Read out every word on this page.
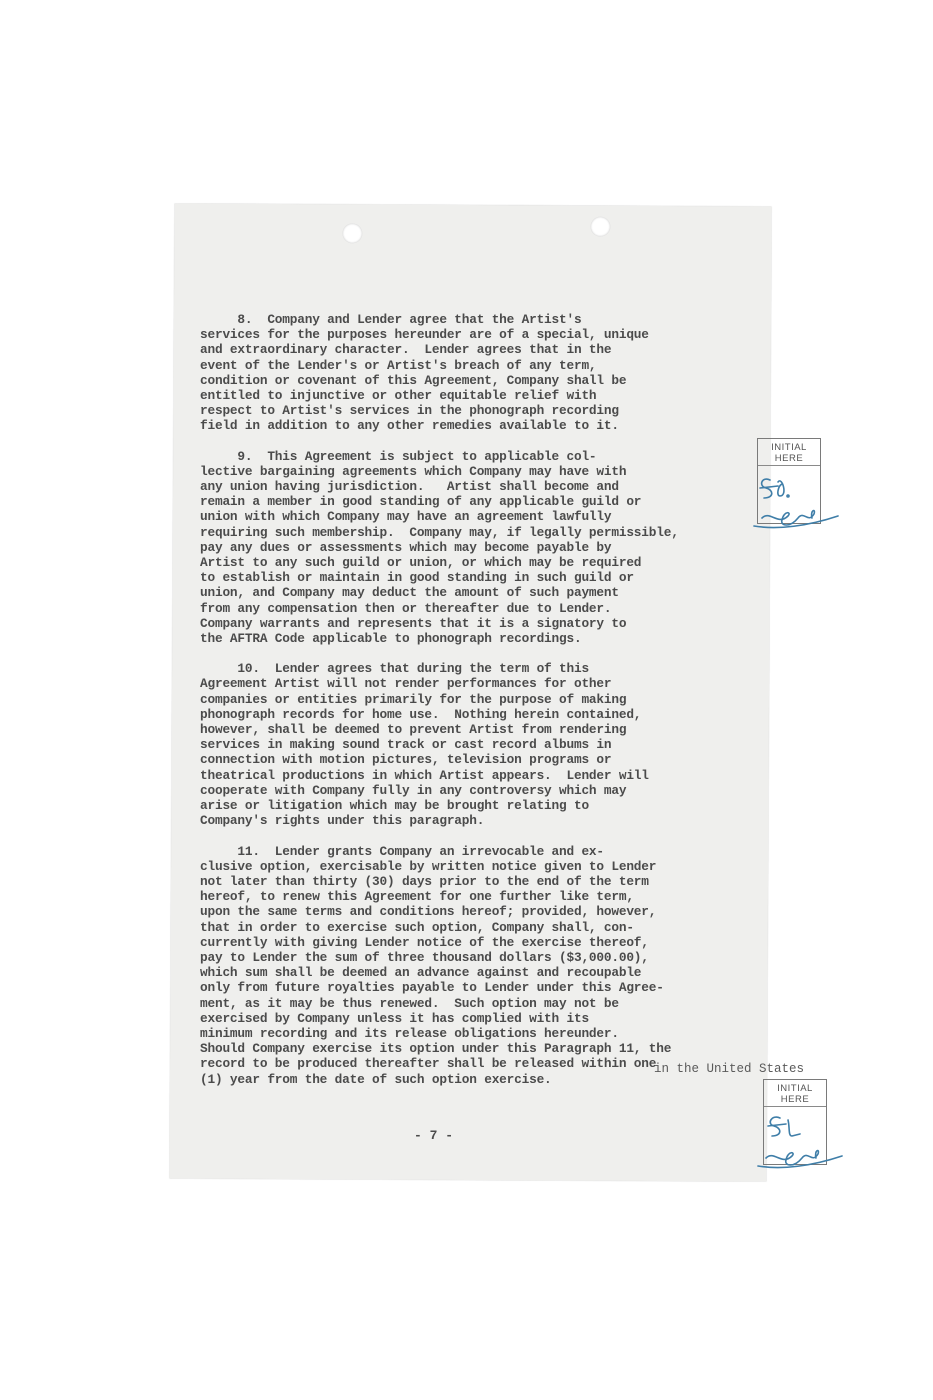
8.  Company and Lender agree that the Artist's
services for the purposes hereunder are of a special, unique
and extraordinary character.  Lender agrees that in the
event of the Lender's or Artist's breach of any term,
condition or covenant of this Agreement, Company shall be
entitled to injunctive or other equitable relief with
respect to Artist's services in the phonograph recording
field in addition to any other remedies available to it.
9.  This Agreement is subject to applicable col-
lective bargaining agreements which Company may have with
any union having jurisdiction.   Artist shall become and
remain a member in good standing of any applicable guild or
union with which Company may have an agreement lawfully
requiring such membership.  Company may, if legally permissible,
pay any dues or assessments which may become payable by
Artist to any such guild or union, or which may be required
to establish or maintain in good standing in such guild or
union, and Company may deduct the amount of such payment
from any compensation then or thereafter due to Lender.
Company warrants and represents that it is a signatory to
the AFTRA Code applicable to phonograph recordings.
10.  Lender agrees that during the term of this
Agreement Artist will not render performances for other
companies or entities primarily for the purpose of making
phonograph records for home use.  Nothing herein contained,
however, shall be deemed to prevent Artist from rendering
services in making sound track or cast record albums in
connection with motion pictures, television programs or
theatrical productions in which Artist appears.  Lender will
cooperate with Company fully in any controversy which may
arise or litigation which may be brought relating to
Company's rights under this paragraph.
11.  Lender grants Company an irrevocable and ex-
clusive option, exercisable by written notice given to Lender
not later than thirty (30) days prior to the end of the term
hereof, to renew this Agreement for one further like term,
upon the same terms and conditions hereof; provided, however,
that in order to exercise such option, Company shall, con-
currently with giving Lender notice of the exercise thereof,
pay to Lender the sum of three thousand dollars ($3,000.00),
which sum shall be deemed an advance against and recoupable
only from future royalties payable to Lender under this Agree-
ment, as it may be thus renewed.  Such option may not be
exercised by Company unless it has complied with its
minimum recording and its release obligations hereunder.
Should Company exercise its option under this Paragraph 11, the
record to be produced thereafter shall be released within one
(1) year from the date of such option exercise.
in the United States
- 7 -
INITIAL
HERE
INITIAL
HERE
